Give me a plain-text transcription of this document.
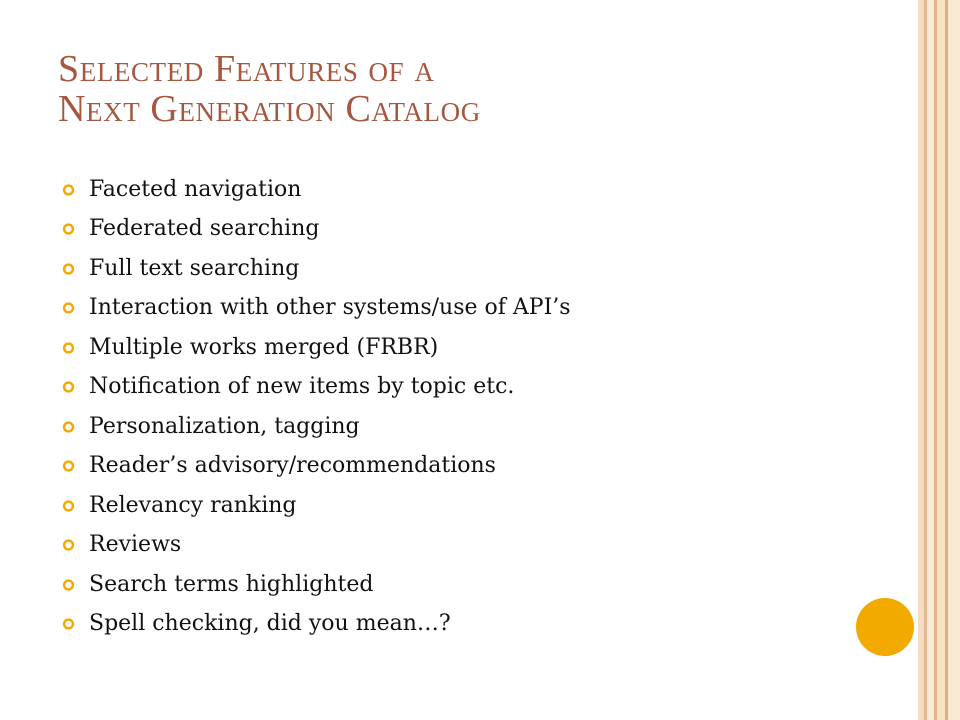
Selected Features of a
Next Generation Catalog
Faceted navigation
Federated searching
Full text searching
Interaction with other systems/use of API’s
Multiple works merged (FRBR)
Notification of new items by topic etc.
Personalization, tagging
Reader’s advisory/recommendations
Relevancy ranking
Reviews
Search terms highlighted
Spell checking, did you mean…?
